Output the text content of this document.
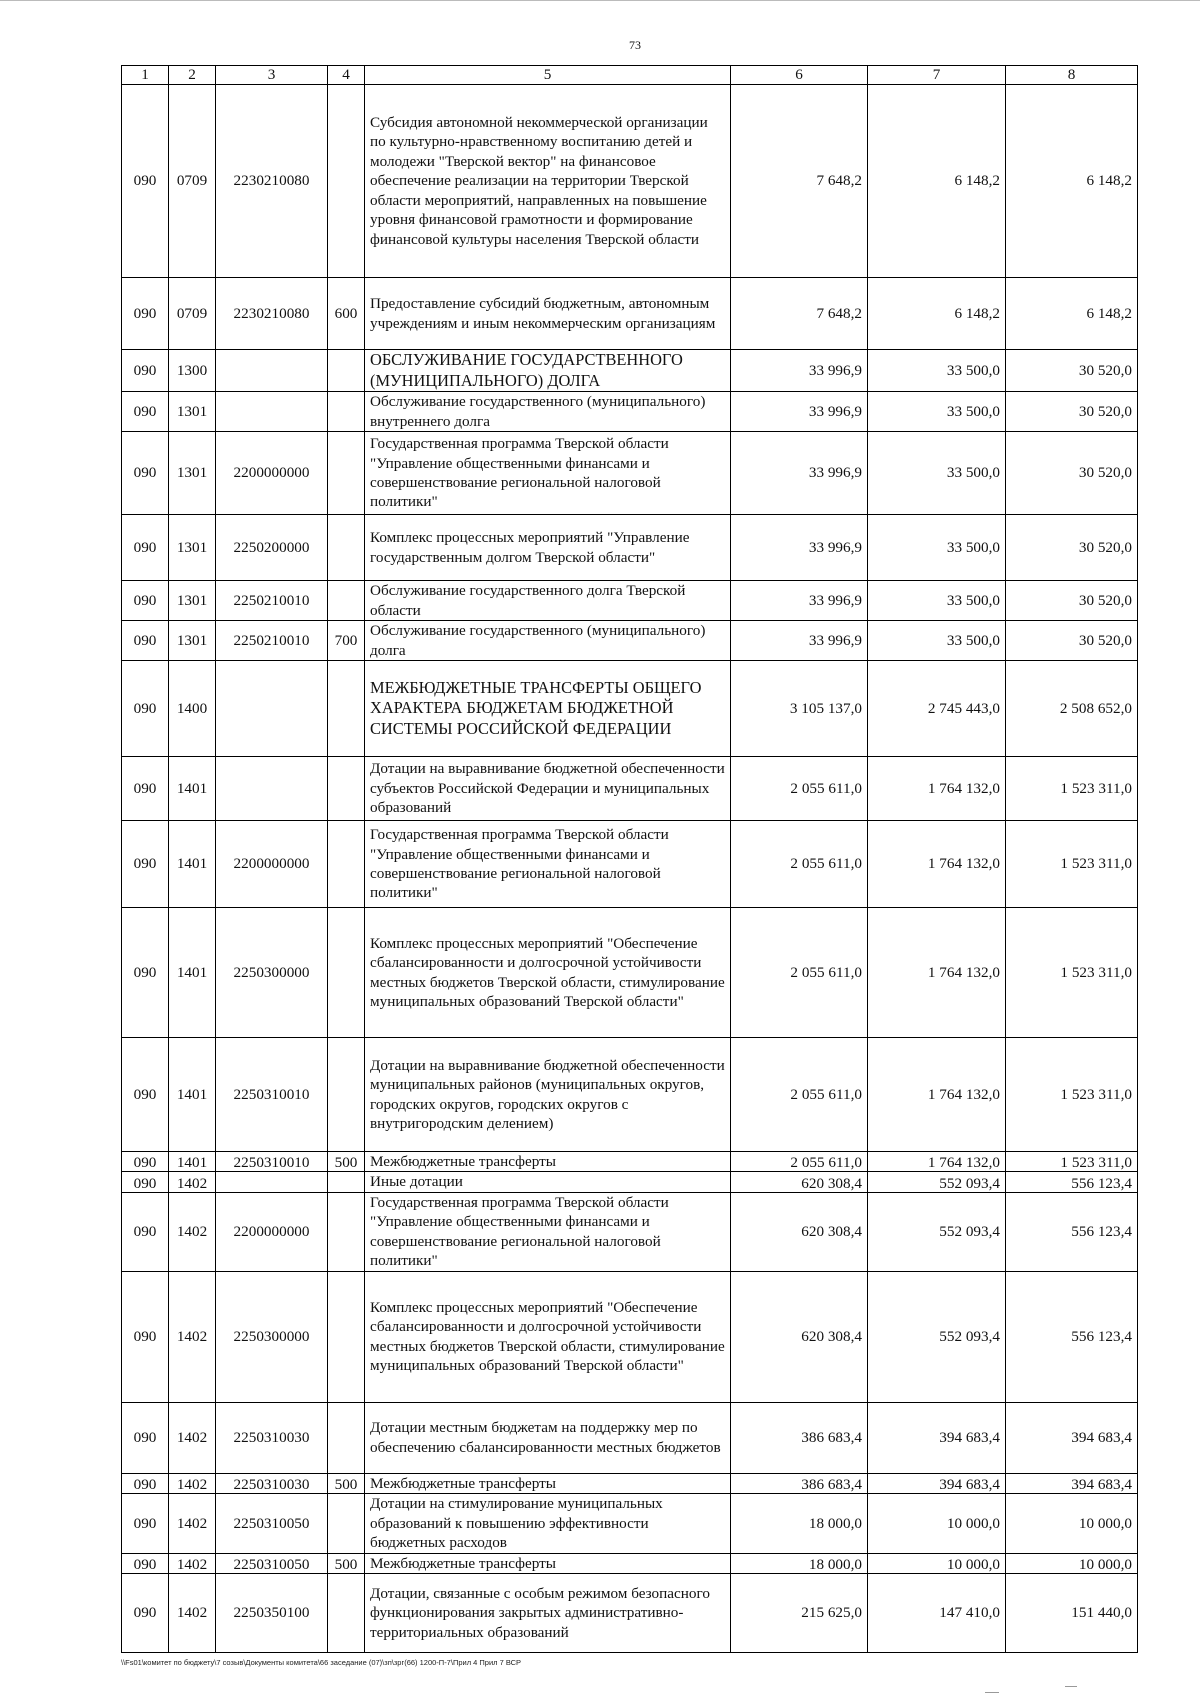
73
1	2	3	4	5	6	7	8
090	0709	2230210080		Субсидия автономной некоммерческой организации по культурно-нравственному воспитанию детей и молодежи "Тверской вектор" на финансовое обеспечение реализации на территории Тверской области мероприятий, направленных на повышение уровня финансовой грамотности и формирование финансовой культуры населения Тверской области	7 648,2	6 148,2	6 148,2
090	0709	2230210080	600	Предоставление субсидий бюджетным, автономным учреждениям и иным некоммерческим организациям	7 648,2	6 148,2	6 148,2
090	1300			ОБСЛУЖИВАНИЕ ГОСУДАРСТВЕННОГО (МУНИЦИПАЛЬНОГО) ДОЛГА	33 996,9	33 500,0	30 520,0
090	1301			Обслуживание государственного (муниципального) внутреннего долга	33 996,9	33 500,0	30 520,0
090	1301	2200000000		Государственная программа Тверской области "Управление общественными финансами и совершенствование региональной налоговой политики"	33 996,9	33 500,0	30 520,0
090	1301	2250200000		Комплекс процессных мероприятий "Управление государственным долгом Тверской области"	33 996,9	33 500,0	30 520,0
090	1301	2250210010		Обслуживание государственного долга Тверской области	33 996,9	33 500,0	30 520,0
090	1301	2250210010	700	Обслуживание государственного (муниципального) долга	33 996,9	33 500,0	30 520,0
090	1400			МЕЖБЮДЖЕТНЫЕ ТРАНСФЕРТЫ ОБЩЕГО ХАРАКТЕРА БЮДЖЕТАМ БЮДЖЕТНОЙ СИСТЕМЫ РОССИЙСКОЙ ФЕДЕРАЦИИ	3 105 137,0	2 745 443,0	2 508 652,0
090	1401			Дотации на выравнивание бюджетной обеспеченности субъектов Российской Федерации и муниципальных образований	2 055 611,0	1 764 132,0	1 523 311,0
090	1401	2200000000		Государственная программа Тверской области "Управление общественными финансами и совершенствование региональной налоговой политики"	2 055 611,0	1 764 132,0	1 523 311,0
090	1401	2250300000		Комплекс процессных мероприятий "Обеспечение сбалансированности и долгосрочной устойчивости местных бюджетов Тверской области, стимулирование муниципальных образований Тверской области"	2 055 611,0	1 764 132,0	1 523 311,0
090	1401	2250310010		Дотации на выравнивание бюджетной обеспеченности муниципальных районов (муниципальных округов, городских округов, городских округов с внутригородским делением)	2 055 611,0	1 764 132,0	1 523 311,0
090	1401	2250310010	500	Межбюджетные трансферты	2 055 611,0	1 764 132,0	1 523 311,0
090	1402			Иные дотации	620 308,4	552 093,4	556 123,4
090	1402	2200000000		Государственная программа Тверской области "Управление общественными финансами и совершенствование региональной налоговой политики"	620 308,4	552 093,4	556 123,4
090	1402	2250300000		Комплекс процессных мероприятий "Обеспечение сбалансированности и долгосрочной устойчивости местных бюджетов Тверской области, стимулирование муниципальных образований Тверской области"	620 308,4	552 093,4	556 123,4
090	1402	2250310030		Дотации местным бюджетам на поддержку мер по обеспечению сбалансированности местных бюджетов	386 683,4	394 683,4	394 683,4
090	1402	2250310030	500	Межбюджетные трансферты	386 683,4	394 683,4	394 683,4
090	1402	2250310050		Дотации на стимулирование муниципальных образований к повышению эффективности бюджетных расходов	18 000,0	10 000,0	10 000,0
090	1402	2250310050	500	Межбюджетные трансферты	18 000,0	10 000,0	10 000,0
090	1402	2250350100		Дотации, связанные с особым режимом безопасного функционирования закрытых административно-территориальных образований	215 625,0	147 410,0	151 440,0
\\Fs01\комитет по бюджету\7 созыв\Документы комитета\66 заседание (07)\зп\зрг(66) 1200-П-7\Прил 4 Прил 7 ВСР
